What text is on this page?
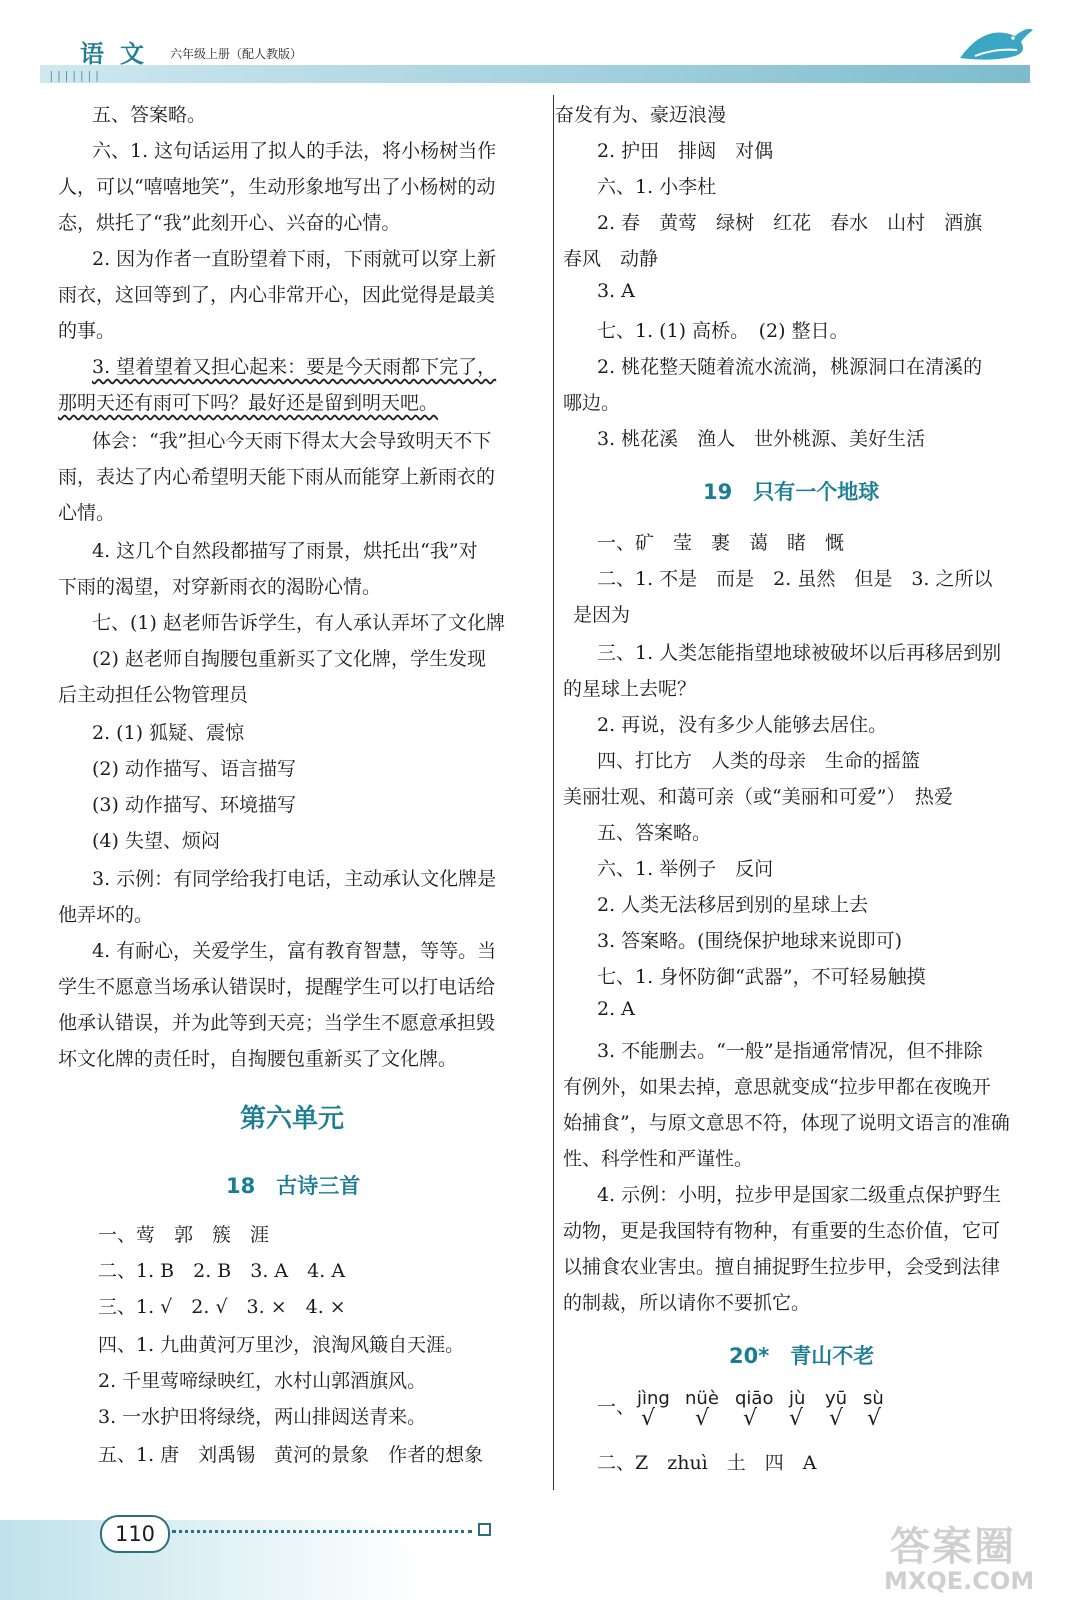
|||||||
语文 六年级上册（配人教版）
五、答案略。
六、1. 这句话运用了拟人的手法，将小杨树当作
人，可以“嘻嘻地笑”，生动形象地写出了小杨树的动
态，烘托了“我”此刻开心、兴奋的心情。
2. 因为作者一直盼望着下雨，下雨就可以穿上新
雨衣，这回等到了，内心非常开心，因此觉得是最美
的事。
3. 望着望着又担心起来：要是今天雨都下完了，
那明天还有雨可下吗？最好还是留到明天吧。
体会：“我”担心今天雨下得太大会导致明天不下
雨，表达了内心希望明天能下雨从而能穿上新雨衣的
心情。
4. 这几个自然段都描写了雨景，烘托出“我”对
下雨的渴望，对穿新雨衣的渴盼心情。
七、(1) 赵老师告诉学生，有人承认弄坏了文化牌
(2) 赵老师自掏腰包重新买了文化牌，学生发现
后主动担任公物管理员
2. (1) 狐疑、震惊
(2) 动作描写、语言描写
(3) 动作描写、环境描写
(4) 失望、烦闷
3. 示例：有同学给我打电话，主动承认文化牌是
他弄坏的。
4. 有耐心，关爱学生，富有教育智慧，等等。当
学生不愿意当场承认错误时，提醒学生可以打电话给
他承认错误，并为此等到天亮；当学生不愿意承担毁
坏文化牌的责任时，自掏腰包重新买了文化牌。
第六单元
18　古诗三首
一、莺　郭　簇　涯
二、1. B　2. B　3. A　4. A
三、1. √　2. √　3. ×　4. ×
四、1. 九曲黄河万里沙，浪淘风簸自天涯。
2. 千里莺啼绿映红，水村山郭酒旗风。
3. 一水护田将绿绕，两山排闼送青来。
五、1. 唐　刘禹锡　黄河的景象　作者的想象
奋发有为、豪迈浪漫
2. 护田　排闼　对偶
六、1. 小李杜
2. 春　黄莺　绿树　红花　春水　山村　酒旗
春风　动静
3. A
七、1. (1) 高桥。　(2) 整日。
2. 桃花整天随着流水流淌，桃源洞口在清溪的
哪边。
3. 桃花溪　渔人　世外桃源、美好生活
19　只有一个地球
一、矿　莹　裹　蔼　睹　慨
二、1. 不是　而是　2. 虽然　但是　3. 之所以
是因为
三、1. 人类怎能指望地球被破坏以后再移居到别
的星球上去呢？
2. 再说，没有多少人能够去居住。
四、打比方　人类的母亲　生命的摇篮
美丽壮观、和蔼可亲（或“美丽和可爱”）　热爱
五、答案略。
六、1. 举例子　反问
2. 人类无法移居到别的星球上去
3. 答案略。(围绕保护地球来说即可)
七、1. 身怀防御“武器”，不可轻易触摸
2. A
3. 不能删去。“一般”是指通常情况，但不排除
有例外，如果去掉，意思就变成“拉步甲都在夜晚开
始捕食”，与原文意思不符，体现了说明文语言的准确
性、科学性和严谨性。
4. 示例：小明，拉步甲是国家二级重点保护野生
动物，更是我国特有物种，有重要的生态价值，它可
以捕食农业害虫。擅自捕捉野生拉步甲，会受到法律
的制裁，所以请你不要抓它。
20*　青山不老
一、 jìng nüè qiāo jù yū sù
√ √ √ √ √ √
二、Z　zhuì　土　四　A
110	答案圈
MXQE.COM
